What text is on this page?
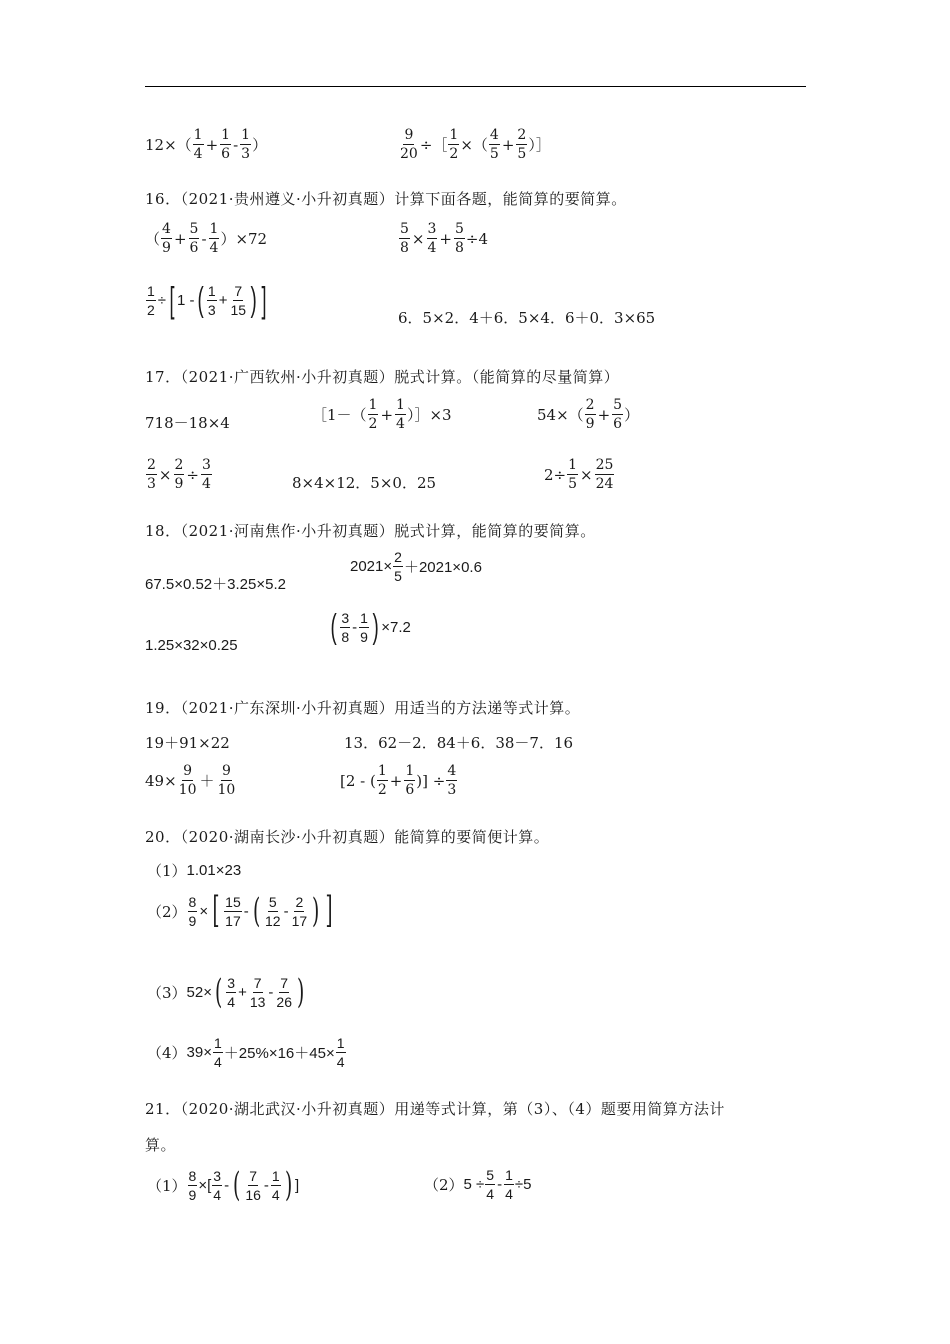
$12\times( \frac{1}{4} + \frac{1}{6} - \frac{1}{3}$ ）	$\frac{9}{20}$ ÷［ $\frac{1}{2}$ ×（ $\frac{4}{5} + \frac{2}{5}$ ）］
16．（2021·贵州遵义·小升初真题）计算下面各题，能简算的要简算。
（ $\frac{4}{9} + \frac{5}{6} - \frac{1}{4} )\times 72$	$\frac{5}{8} \times \frac{3}{4} + \frac{5}{8} \div 4$
$\frac{1}{2}$ ÷ [ 1 - ( $\frac{1}{3} + \frac{7}{15}$ ) ]	6．5×2．4＋6．5×4．6＋0．3×65
17．（2021·广西钦州·小升初真题）脱式计算。（能简算的尽量简算）
718－18×4	［1－（ $\frac{1}{2} + \frac{1}{4}$ ）］×3	$54\times( \frac{2}{9} + \frac{5}{6}$ ）
$\frac{2}{3} \times \frac{2}{9} \div \frac{3}{4}$	8×4×12．5×0．25	$2\div \frac{1}{5} \times \frac{25}{24}$
18．（2021·河南焦作·小升初真题）脱式计算，能简算的要简算。
67.5×0.52＋3.25×5.2
$2021\times \frac{2}{5} +2021\times 0.6$
1.25×32×0.25	( $\frac{3}{8} - \frac{1}{9}$ ) ×7.2
19．（2021·广东深圳·小升初真题）用适当的方法递等式计算。
19＋91×22	13．62－2．84＋6．38－7．16
$49\times \frac{9}{10} + \frac{9}{10}$	[2 - ( $\frac{1}{2} + \frac{1}{6}$ )] ÷ $\frac{4}{3}$
20．（2020·湖南长沙·小升初真题）能简算的要简便计算。
（1） 1.01×23
$(2) \frac{8}{9}$ × [ $\frac{15}{17}$ - ( $\frac{5}{12} - \frac{2}{17}$ ) ]
（3） 52× ( $\frac{3}{4} + \frac{7}{13} - \frac{7}{26}$ )
（4） $39\times \frac{1}{4} +25\%\times 16+45\times \frac{1}{4}$
21．（2020·湖北武汉·小升初真题）用递等式计算，第（3）、（4）题要用简算方法计
算。
$(1) \frac{8}{9}$ ×[ $\frac{3}{4}$ - ( $\frac{7}{16} - \frac{1}{4}$ ) ]	（2） $5 \div \frac{5}{4} - \frac{1}{4} \div 5$
